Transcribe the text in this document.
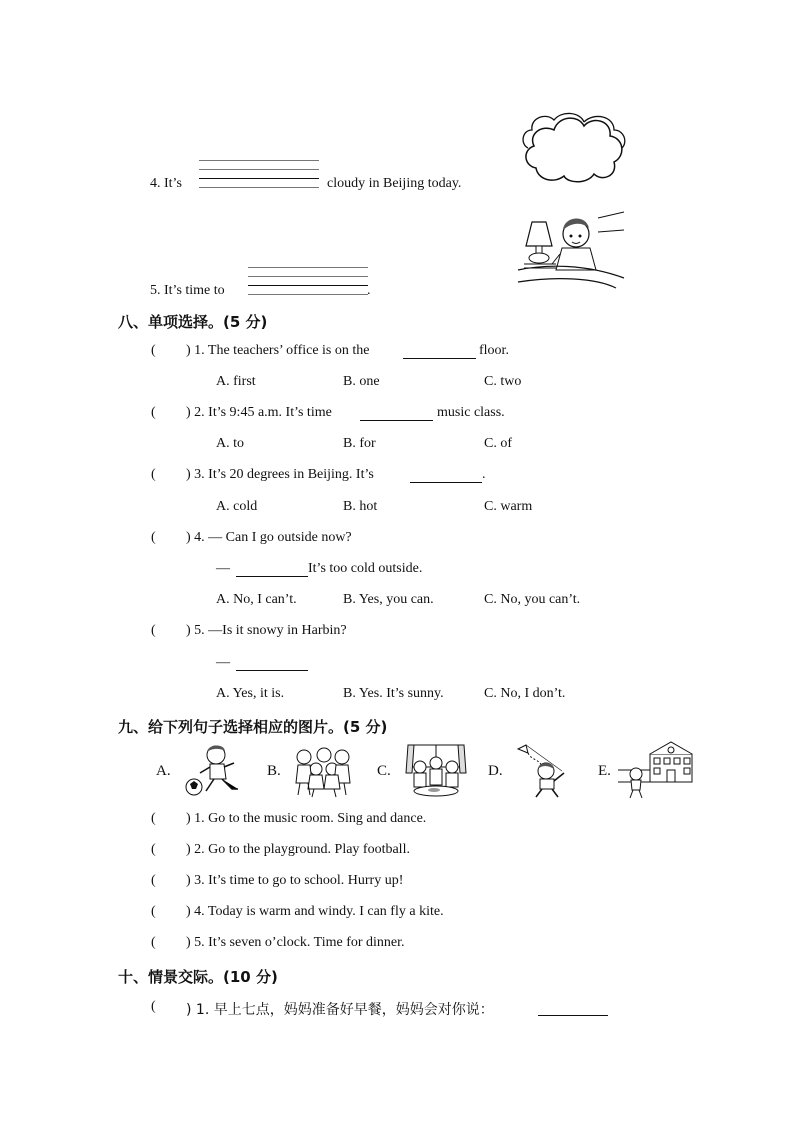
4. It’s	cloudy in Beijing today.
5. It’s time to	.
八、单项选择。(5 分)
( ) 1. The teachers’ office is on the	floor.
A. first	B. one	C. two
( ) 2. It’s 9:45 a.m. It’s time	music class.
A. to	B. for	C. of
( ) 3. It’s 20 degrees in Beijing. It’s	.
A. cold	B. hot	C. warm
( ) 4. — Can I go outside now?
—	It’s too cold outside.
A. No, I can’t.	B. Yes, you can.	C. No, you can’t.
( ) 5. —Is it snowy in Harbin?
—
A. Yes, it is.	B. Yes. It’s sunny.	C. No, I don’t.
九、给下列句子选择相应的图片。(5 分)
A.	B.	C.	D.	E.
( ) 1. Go to the music room. Sing and dance.
( ) 2. Go to the playground. Play football.
( ) 3. It’s time to go to school. Hurry up!
( ) 4. Today is warm and windy. I can fly a kite.
( ) 5. It’s seven o’clock. Time for dinner.
十、情景交际。(10 分)
( ) 1. 早上七点，妈妈准备好早餐，妈妈会对你说：
